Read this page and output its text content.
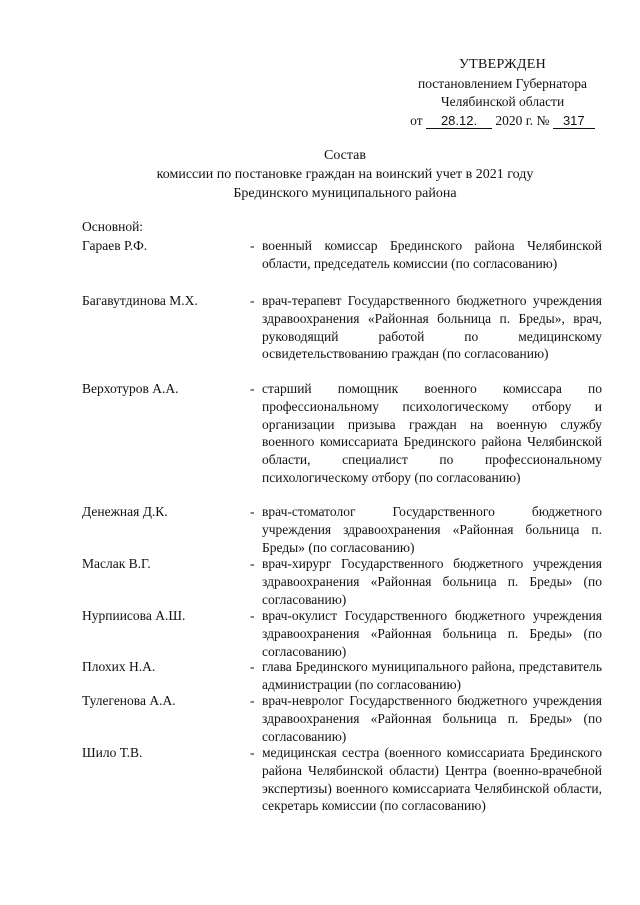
УТВЕРЖДЕН
постановлением Губернатора
Челябинской области
от 28.12. 2020 г. № 317
Состав
комиссии по постановке граждан на воинский учет в 2021 году
Брединского муниципального района
Основной:
Гараев Р.Ф.	- военный комиссар Брединского района Челябинской области, председатель комиссии (по согласованию)
Багавутдинова М.Х.	- врач-терапевт Государственного бюджетного учреждения здравоохранения «Районная больница п. Бреды», врач, руководящий работой по медицинскому освидетельствованию граждан (по согласованию)
Верхотуров А.А.	- старший помощник военного комиссара по профессиональному психологическому отбору и организации призыва граждан на военную службу военного комиссариата Брединского района Челябинской области, специалист по профессиональному психологическому отбору (по согласованию)
Денежная Д.К.	- врач-стоматолог Государственного бюджетного учреждения здравоохранения «Районная больница п. Бреды» (по согласованию)
Маслак В.Г.	- врач-хирург Государственного бюджетного учреждения здравоохранения «Районная больница п. Бреды» (по согласованию)
Нурпиисова А.Ш.	- врач-окулист Государственного бюджетного учреждения здравоохранения «Районная больница п. Бреды» (по согласованию)
Плохих Н.А.	- глава Брединского муниципального района, представитель администрации (по согласованию)
Тулегенова А.А.	- врач-невролог Государственного бюджетного учреждения здравоохранения «Районная больница п. Бреды» (по согласованию)
Шило Т.В.	- медицинская сестра (военного комиссариата Брединского района Челябинской области) Центра (военно-врачебной экспертизы) военного комиссариата Челябинской области, секретарь комиссии (по согласованию)
